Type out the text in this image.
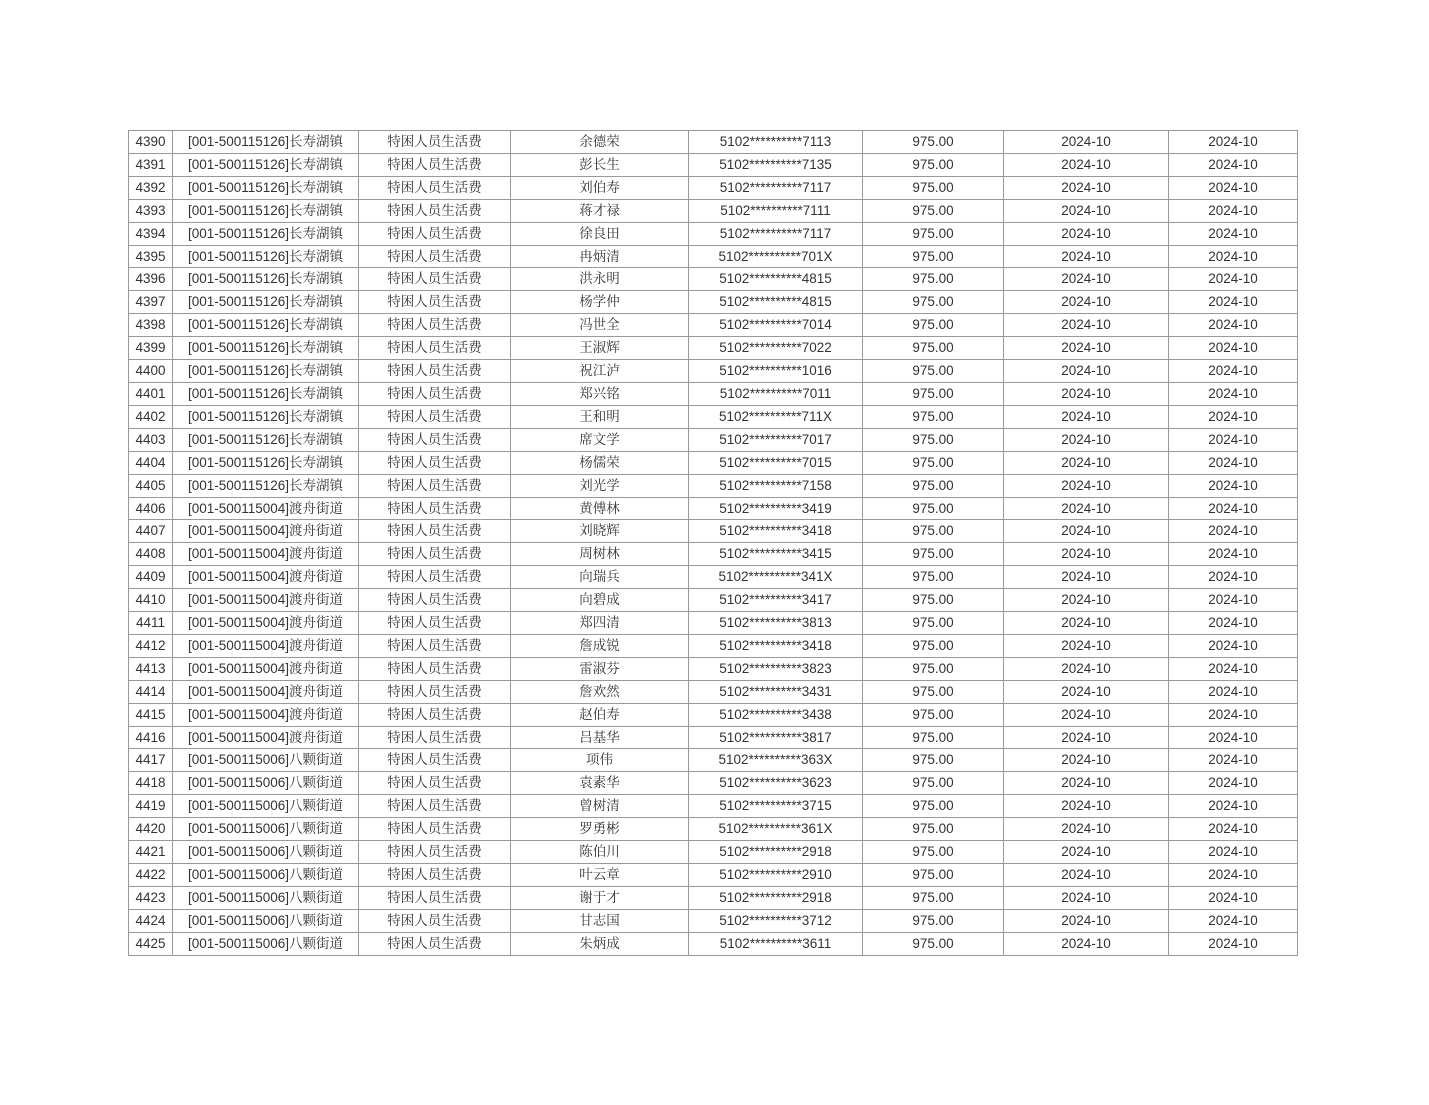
4390	[001-500115126]长寿湖镇	特困人员生活费	余德荣	5102**********7113	975.00	2024-10	2024-10
4391	[001-500115126]长寿湖镇	特困人员生活费	彭长生	5102**********7135	975.00	2024-10	2024-10
4392	[001-500115126]长寿湖镇	特困人员生活费	刘伯寿	5102**********7117	975.00	2024-10	2024-10
4393	[001-500115126]长寿湖镇	特困人员生活费	蒋才禄	5102**********7111	975.00	2024-10	2024-10
4394	[001-500115126]长寿湖镇	特困人员生活费	徐良田	5102**********7117	975.00	2024-10	2024-10
4395	[001-500115126]长寿湖镇	特困人员生活费	冉炳清	5102**********701X	975.00	2024-10	2024-10
4396	[001-500115126]长寿湖镇	特困人员生活费	洪永明	5102**********4815	975.00	2024-10	2024-10
4397	[001-500115126]长寿湖镇	特困人员生活费	杨学仲	5102**********4815	975.00	2024-10	2024-10
4398	[001-500115126]长寿湖镇	特困人员生活费	冯世全	5102**********7014	975.00	2024-10	2024-10
4399	[001-500115126]长寿湖镇	特困人员生活费	王淑辉	5102**********7022	975.00	2024-10	2024-10
4400	[001-500115126]长寿湖镇	特困人员生活费	祝江泸	5102**********1016	975.00	2024-10	2024-10
4401	[001-500115126]长寿湖镇	特困人员生活费	郑兴铭	5102**********7011	975.00	2024-10	2024-10
4402	[001-500115126]长寿湖镇	特困人员生活费	王和明	5102**********711X	975.00	2024-10	2024-10
4403	[001-500115126]长寿湖镇	特困人员生活费	席文学	5102**********7017	975.00	2024-10	2024-10
4404	[001-500115126]长寿湖镇	特困人员生活费	杨儒荣	5102**********7015	975.00	2024-10	2024-10
4405	[001-500115126]长寿湖镇	特困人员生活费	刘光学	5102**********7158	975.00	2024-10	2024-10
4406	[001-500115004]渡舟街道	特困人员生活费	黄傅林	5102**********3419	975.00	2024-10	2024-10
4407	[001-500115004]渡舟街道	特困人员生活费	刘晓辉	5102**********3418	975.00	2024-10	2024-10
4408	[001-500115004]渡舟街道	特困人员生活费	周树林	5102**********3415	975.00	2024-10	2024-10
4409	[001-500115004]渡舟街道	特困人员生活费	向瑞兵	5102**********341X	975.00	2024-10	2024-10
4410	[001-500115004]渡舟街道	特困人员生活费	向碧成	5102**********3417	975.00	2024-10	2024-10
4411	[001-500115004]渡舟街道	特困人员生活费	郑四清	5102**********3813	975.00	2024-10	2024-10
4412	[001-500115004]渡舟街道	特困人员生活费	詹成锐	5102**********3418	975.00	2024-10	2024-10
4413	[001-500115004]渡舟街道	特困人员生活费	雷淑芬	5102**********3823	975.00	2024-10	2024-10
4414	[001-500115004]渡舟街道	特困人员生活费	詹欢然	5102**********3431	975.00	2024-10	2024-10
4415	[001-500115004]渡舟街道	特困人员生活费	赵伯寿	5102**********3438	975.00	2024-10	2024-10
4416	[001-500115004]渡舟街道	特困人员生活费	吕基华	5102**********3817	975.00	2024-10	2024-10
4417	[001-500115006]八颗街道	特困人员生活费	项伟	5102**********363X	975.00	2024-10	2024-10
4418	[001-500115006]八颗街道	特困人员生活费	袁素华	5102**********3623	975.00	2024-10	2024-10
4419	[001-500115006]八颗街道	特困人员生活费	曾树清	5102**********3715	975.00	2024-10	2024-10
4420	[001-500115006]八颗街道	特困人员生活费	罗勇彬	5102**********361X	975.00	2024-10	2024-10
4421	[001-500115006]八颗街道	特困人员生活费	陈伯川	5102**********2918	975.00	2024-10	2024-10
4422	[001-500115006]八颗街道	特困人员生活费	叶云章	5102**********2910	975.00	2024-10	2024-10
4423	[001-500115006]八颗街道	特困人员生活费	谢于才	5102**********2918	975.00	2024-10	2024-10
4424	[001-500115006]八颗街道	特困人员生活费	甘志国	5102**********3712	975.00	2024-10	2024-10
4425	[001-500115006]八颗街道	特困人员生活费	朱炳成	5102**********3611	975.00	2024-10	2024-10
